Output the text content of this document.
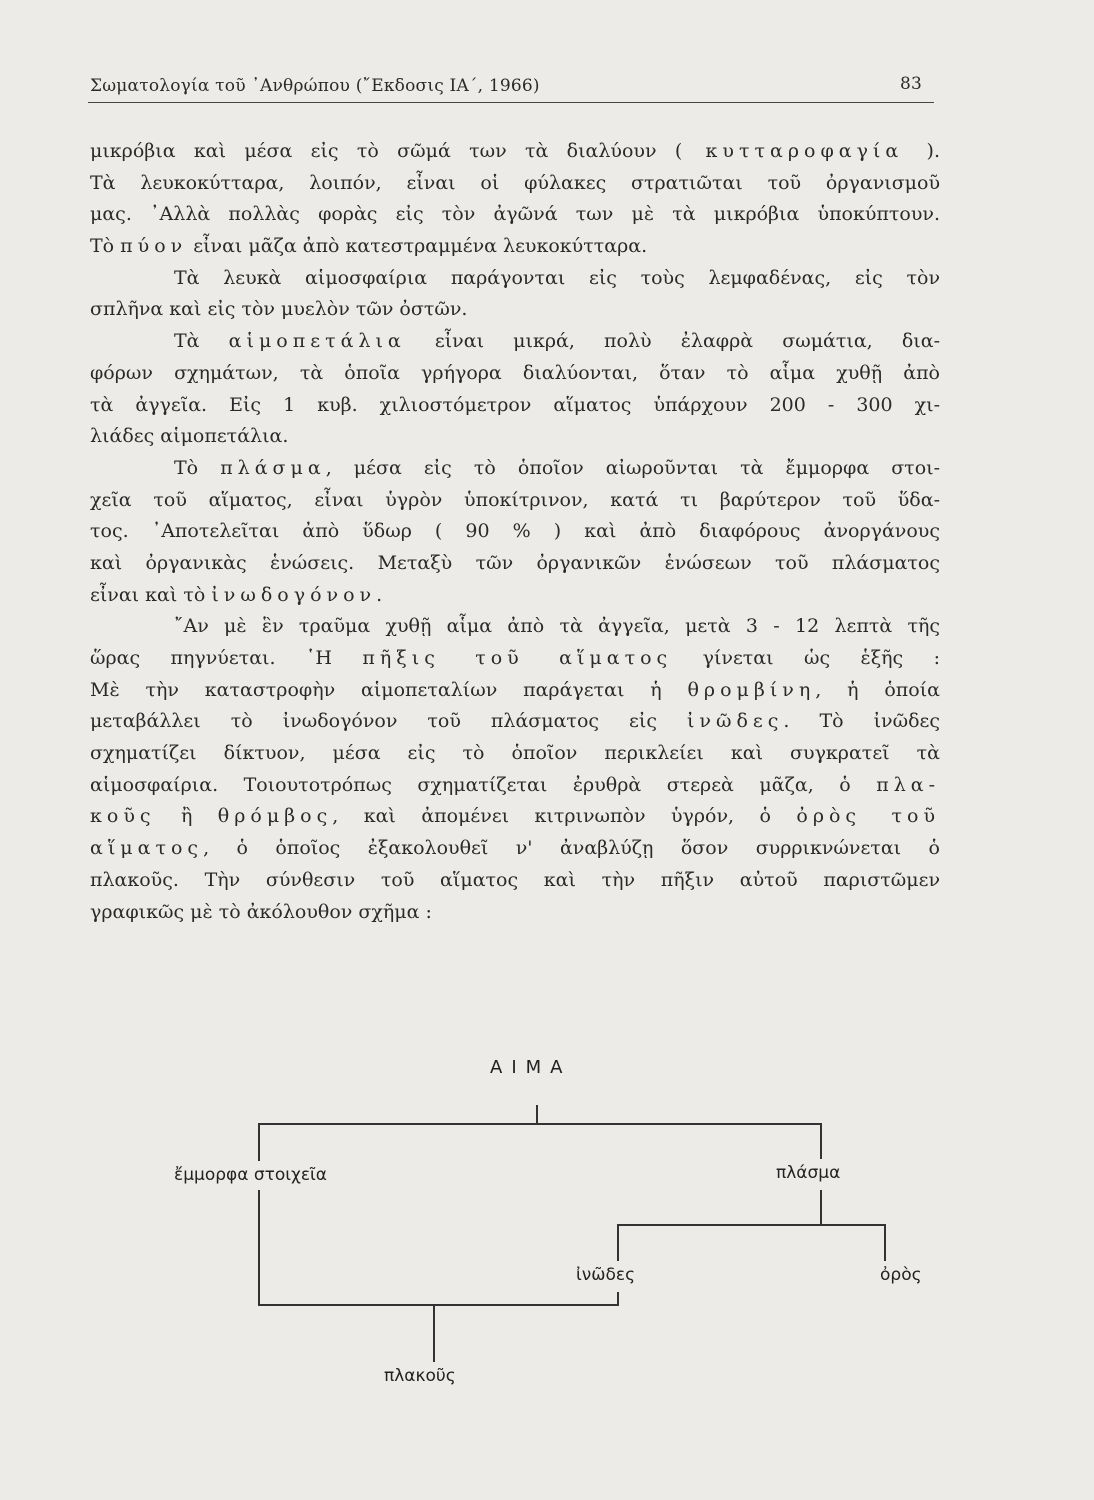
Σωματολογία τοῦ ᾿Ανθρώπου (῎Εκδοσις ΙΑ΄, 1966)	83
μικρόβια καὶ μέσα εἰς τὸ σῶμά των τὰ διαλύουν ( κυτταροφαγία ).
Τὰ λευκοκύτταρα, λοιπόν, εἶναι οἱ φύλακες στρατιῶται τοῦ ὀργανισμοῦ
μας. ᾿Αλλὰ πολλὰς φορὰς εἰς τὸν ἀγῶνά των μὲ τὰ μικρόβια ὑποκύπτουν.
Τὸ πύον εἶναι μᾶζα ἀπὸ κατεστραμμένα λευκοκύτταρα.
Τὰ λευκὰ αἱμοσφαίρια παράγονται εἰς τοὺς λεμφαδένας, εἰς τὸν
σπλῆνα καὶ εἰς τὸν μυελὸν τῶν ὀστῶν.
Τὰ αἱμοπετάλια εἶναι μικρά, πολὺ ἐλαφρὰ σωμάτια, δια-
φόρων σχημάτων, τὰ ὁποῖα γρήγορα διαλύονται, ὅταν τὸ αἷμα χυθῇ ἀπὸ
τὰ ἀγγεῖα. Εἰς 1 κυβ. χιλιοστόμετρον αἵματος ὑπάρχουν 200 - 300 χι-
λιάδες αἱμοπετάλια.
Τὸ πλάσμα, μέσα εἰς τὸ ὁποῖον αἰωροῦνται τὰ ἔμμορφα στοι-
χεῖα τοῦ αἵματος, εἶναι ὑγρὸν ὑποκίτρινον, κατά τι βαρύτερον τοῦ ὕδα-
τος. ᾿Αποτελεῖται ἀπὸ ὕδωρ ( 90 % ) καὶ ἀπὸ διαφόρους ἀνοργάνους
καὶ ὀργανικὰς ἑνώσεις. Μεταξὺ τῶν ὀργανικῶν ἑνώσεων τοῦ πλάσματος
εἶναι καὶ τὸ ἰνωδογόνον.
῎Αν μὲ ἓν τραῦμα χυθῇ αἷμα ἀπὸ τὰ ἀγγεῖα, μετὰ 3 - 12 λεπτὰ τῆς
ὥρας πηγνύεται. ῾Η πῆξις τοῦ αἵματος γίνεται ὡς ἑξῆς :
Μὲ τὴν καταστροφὴν αἱμοπεταλίων παράγεται ἡ θρομβίνη, ἡ ὁποία
μεταβάλλει τὸ ἰνωδογόνον τοῦ πλάσματος εἰς ἰνῶδες. Τὸ ἰνῶδες
σχηματίζει δίκτυον, μέσα εἰς τὸ ὁποῖον περικλείει καὶ συγκρατεῖ τὰ
αἱμοσφαίρια. Τοιουτοτρόπως σχηματίζεται ἐρυθρὰ στερεὰ μᾶζα, ὁ πλα-
κοῦς ἢ θρόμβος, καὶ ἀπομένει κιτρινωπὸν ὑγρόν, ὁ ὀρὸς τοῦ
αἵματος, ὁ ὁποῖος ἐξακολουθεῖ ν' ἀναβλύζῃ ὅσον συρρικνώνεται ὁ
πλακοῦς. Τὴν σύνθεσιν τοῦ αἵματος καὶ τὴν πῆξιν αὐτοῦ παριστῶμεν
γραφικῶς μὲ τὸ ἀκόλουθον σχῆμα :
ΑΙΜΑ
ἔμμορφα στοιχεῖα	πλάσμα
ἰνῶδες	ὀρὸς
πλακοῦς
